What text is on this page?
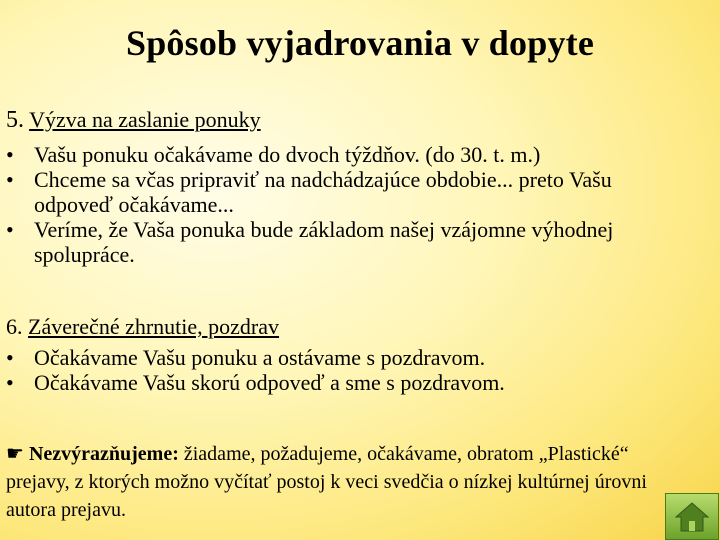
Spôsob vyjadrovania v dopyte
5. Výzva na zaslanie ponuky
• Vašu ponuku očakávame do dvoch týždňov. (do 30. t. m.)
• Chceme sa včas pripraviť na nadchádzajúce obdobie... preto Vašu odpoveď očakávame...
• Veríme, že Vaša ponuka bude základom našej vzájomne výhodnej spolupráce.
6. Záverečné zhrnutie, pozdrav
• Očakávame Vašu ponuku a ostávame s pozdravom.
• Očakávame Vašu skorú odpoveď a sme s pozdravom.
☛ Nezvýrazňujeme: žiadame, požadujeme, očakávame, obratom „Plastické“ prejavy, z ktorých možno vyčítať postoj k veci svedčia o nízkej kultúrnej úrovni autora prejavu.
